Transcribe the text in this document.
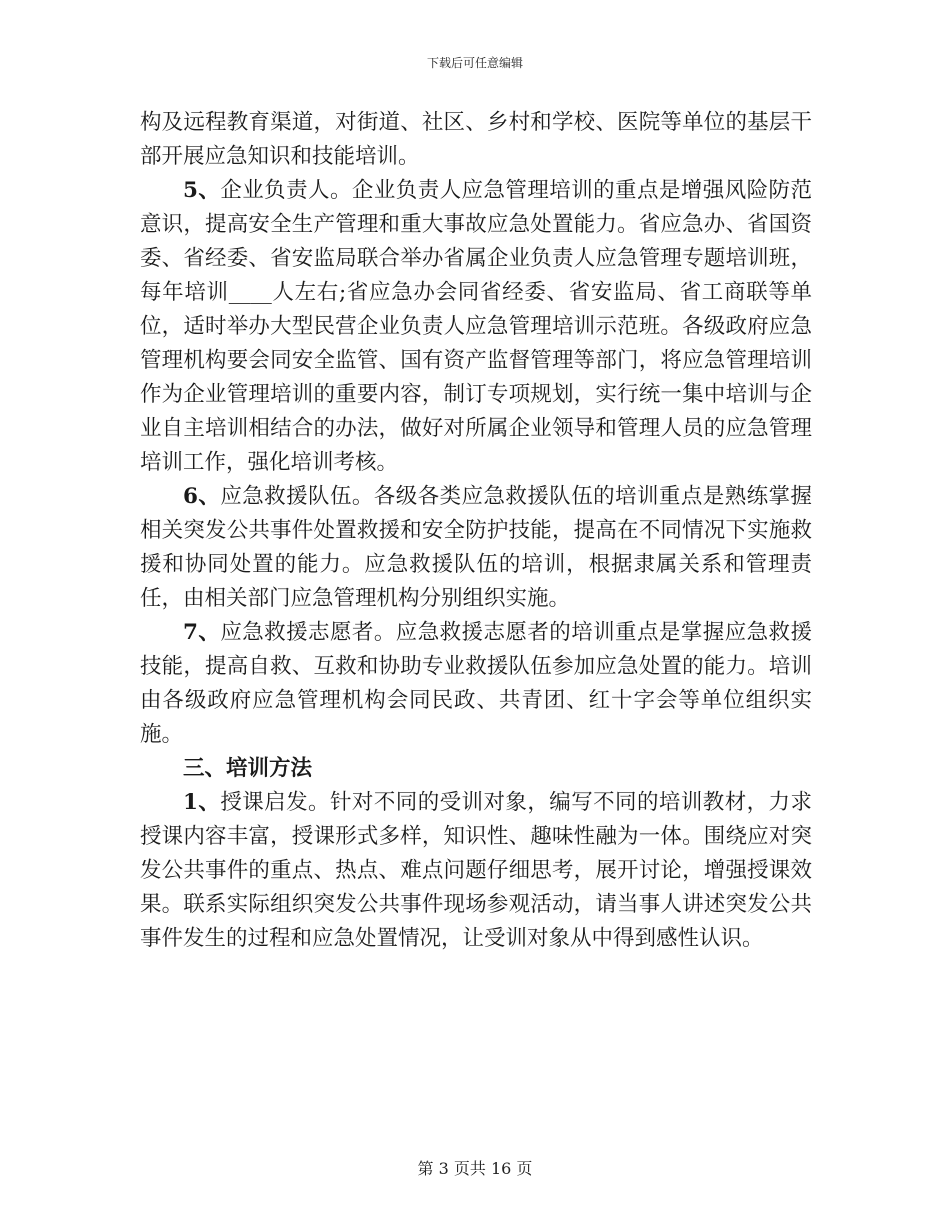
下载后可任意编辑

构及远程教育渠道，对街道、社区、乡村和学校、医院等单位的基层干部开展应急知识和技能培训。

5、企业负责人。企业负责人应急管理培训的重点是增强风险防范意识，提高安全生产管理和重大事故应急处置能力。省应急办、省国资委、省经委、省安监局联合举办省属企业负责人应急管理专题培训班，每年培训____人左右;省应急办会同省经委、省安监局、省工商联等单位，适时举办大型民营企业负责人应急管理培训示范班。各级政府应急管理机构要会同安全监管、国有资产监督管理等部门，将应急管理培训作为企业管理培训的重要内容，制订专项规划，实行统一集中培训与企业自主培训相结合的办法，做好对所属企业领导和管理人员的应急管理培训工作，强化培训考核。

6、应急救援队伍。各级各类应急救援队伍的培训重点是熟练掌握相关突发公共事件处置救援和安全防护技能，提高在不同情况下实施救援和协同处置的能力。应急救援队伍的培训，根据隶属关系和管理责任，由相关部门应急管理机构分别组织实施。

7、应急救援志愿者。应急救援志愿者的培训重点是掌握应急救援技能，提高自救、互救和协助专业救援队伍参加应急处置的能力。培训由各级政府应急管理机构会同民政、共青团、红十字会等单位组织实施。

三、培训方法

1、授课启发。针对不同的受训对象，编写不同的培训教材，力求授课内容丰富，授课形式多样，知识性、趣味性融为一体。围绕应对突发公共事件的重点、热点、难点问题仔细思考，展开讨论，增强授课效果。联系实际组织突发公共事件现场参观活动，请当事人讲述突发公共事件发生的过程和应急处置情况，让受训对象从中得到感性认识。

第 3 页共 16 页
